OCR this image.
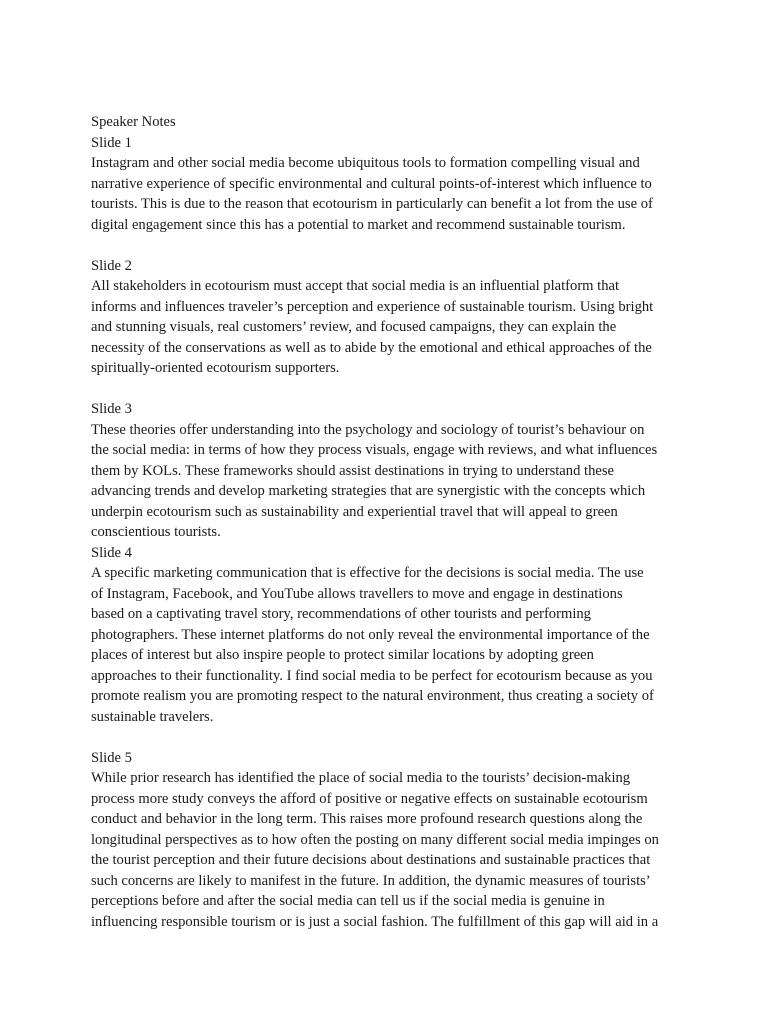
Speaker Notes
Slide 1
Instagram and other social media become ubiquitous tools to formation compelling visual and
narrative experience of specific environmental and cultural points-of-interest which influence to
tourists. This is due to the reason that ecotourism in particularly can benefit a lot from the use of
digital engagement since this has a potential to market and recommend sustainable tourism.
Slide 2
All stakeholders in ecotourism must accept that social media is an influential platform that
informs and influences traveler’s perception and experience of sustainable tourism. Using bright
and stunning visuals, real customers’ review, and focused campaigns, they can explain the
necessity of the conservations as well as to abide by the emotional and ethical approaches of the
spiritually-oriented ecotourism supporters.
Slide 3
These theories offer understanding into the psychology and sociology of tourist’s behaviour on
the social media: in terms of how they process visuals, engage with reviews, and what influences
them by KOLs. These frameworks should assist destinations in trying to understand these
advancing trends and develop marketing strategies that are synergistic with the concepts which
underpin ecotourism such as sustainability and experiential travel that will appeal to green
conscientious tourists.
Slide 4
A specific marketing communication that is effective for the decisions is social media. The use
of Instagram, Facebook, and YouTube allows travellers to move and engage in destinations
based on a captivating travel story, recommendations of other tourists and performing
photographers. These internet platforms do not only reveal the environmental importance of the
places of interest but also inspire people to protect similar locations by adopting green
approaches to their functionality. I find social media to be perfect for ecotourism because as you
promote realism you are promoting respect to the natural environment, thus creating a society of
sustainable travelers.
Slide 5
While prior research has identified the place of social media to the tourists’ decision-making
process more study conveys the afford of positive or negative effects on sustainable ecotourism
conduct and behavior in the long term. This raises more profound research questions along the
longitudinal perspectives as to how often the posting on many different social media impinges on
the tourist perception and their future decisions about destinations and sustainable practices that
such concerns are likely to manifest in the future. In addition, the dynamic measures of tourists’
perceptions before and after the social media can tell us if the social media is genuine in
influencing responsible tourism or is just a social fashion. The fulfillment of this gap will aid in a
